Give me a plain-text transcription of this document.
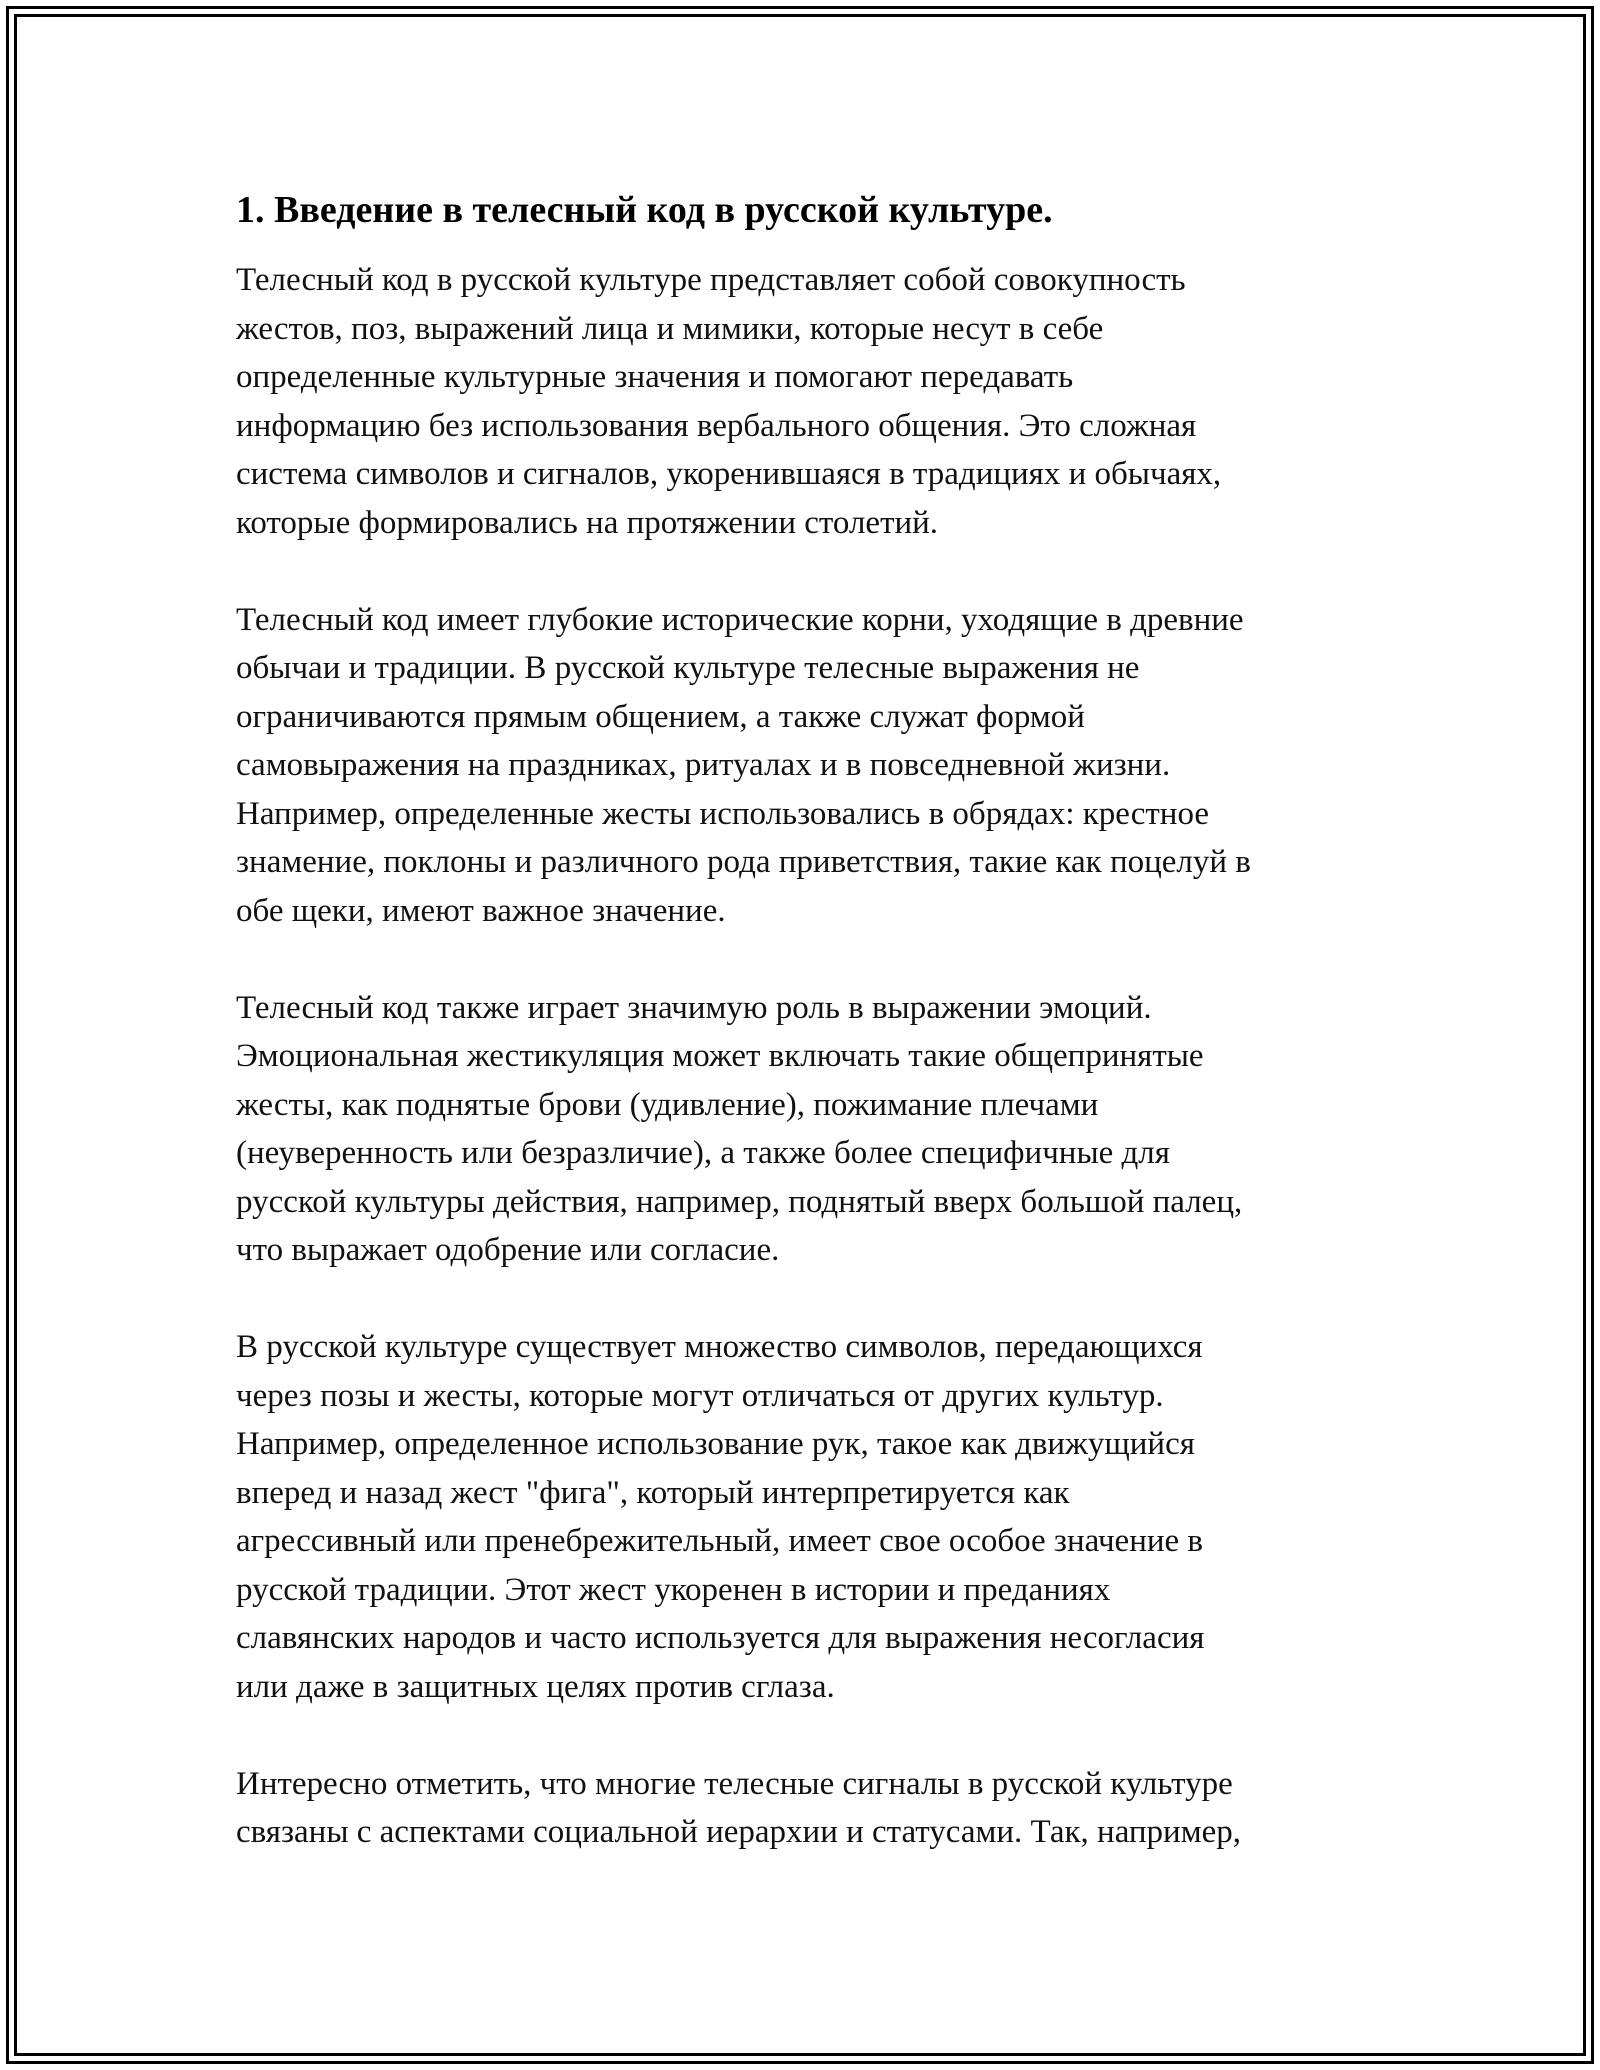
1. Введение в телесный код в русской культуре.
Телесный код в русской культуре представляет собой совокупность
жестов, поз, выражений лица и мимики, которые несут в себе
определенные культурные значения и помогают передавать
информацию без использования вербального общения. Это сложная
система символов и сигналов, укоренившаяся в традициях и обычаях,
которые формировались на протяжении столетий.
Телесный код имеет глубокие исторические корни, уходящие в древние
обычаи и традиции. В русской культуре телесные выражения не
ограничиваются прямым общением, а также служат формой
самовыражения на праздниках, ритуалах и в повседневной жизни.
Например, определенные жесты использовались в обрядах: крестное
знамение, поклоны и различного рода приветствия, такие как поцелуй в
обе щеки, имеют важное значение.
Телесный код также играет значимую роль в выражении эмоций.
Эмоциональная жестикуляция может включать такие общепринятые
жесты, как поднятые брови (удивление), пожимание плечами
(неуверенность или безразличие), а также более специфичные для
русской культуры действия, например, поднятый вверх большой палец,
что выражает одобрение или согласие.
В русской культуре существует множество символов, передающихся
через позы и жесты, которые могут отличаться от других культур.
Например, определенное использование рук, такое как движущийся
вперед и назад жест "фига", который интерпретируется как
агрессивный или пренебрежительный, имеет свое особое значение в
русской традиции. Этот жест укоренен в истории и преданиях
славянских народов и часто используется для выражения несогласия
или даже в защитных целях против сглаза.
Интересно отметить, что многие телесные сигналы в русской культуре
связаны с аспектами социальной иерархии и статусами. Так, например,
